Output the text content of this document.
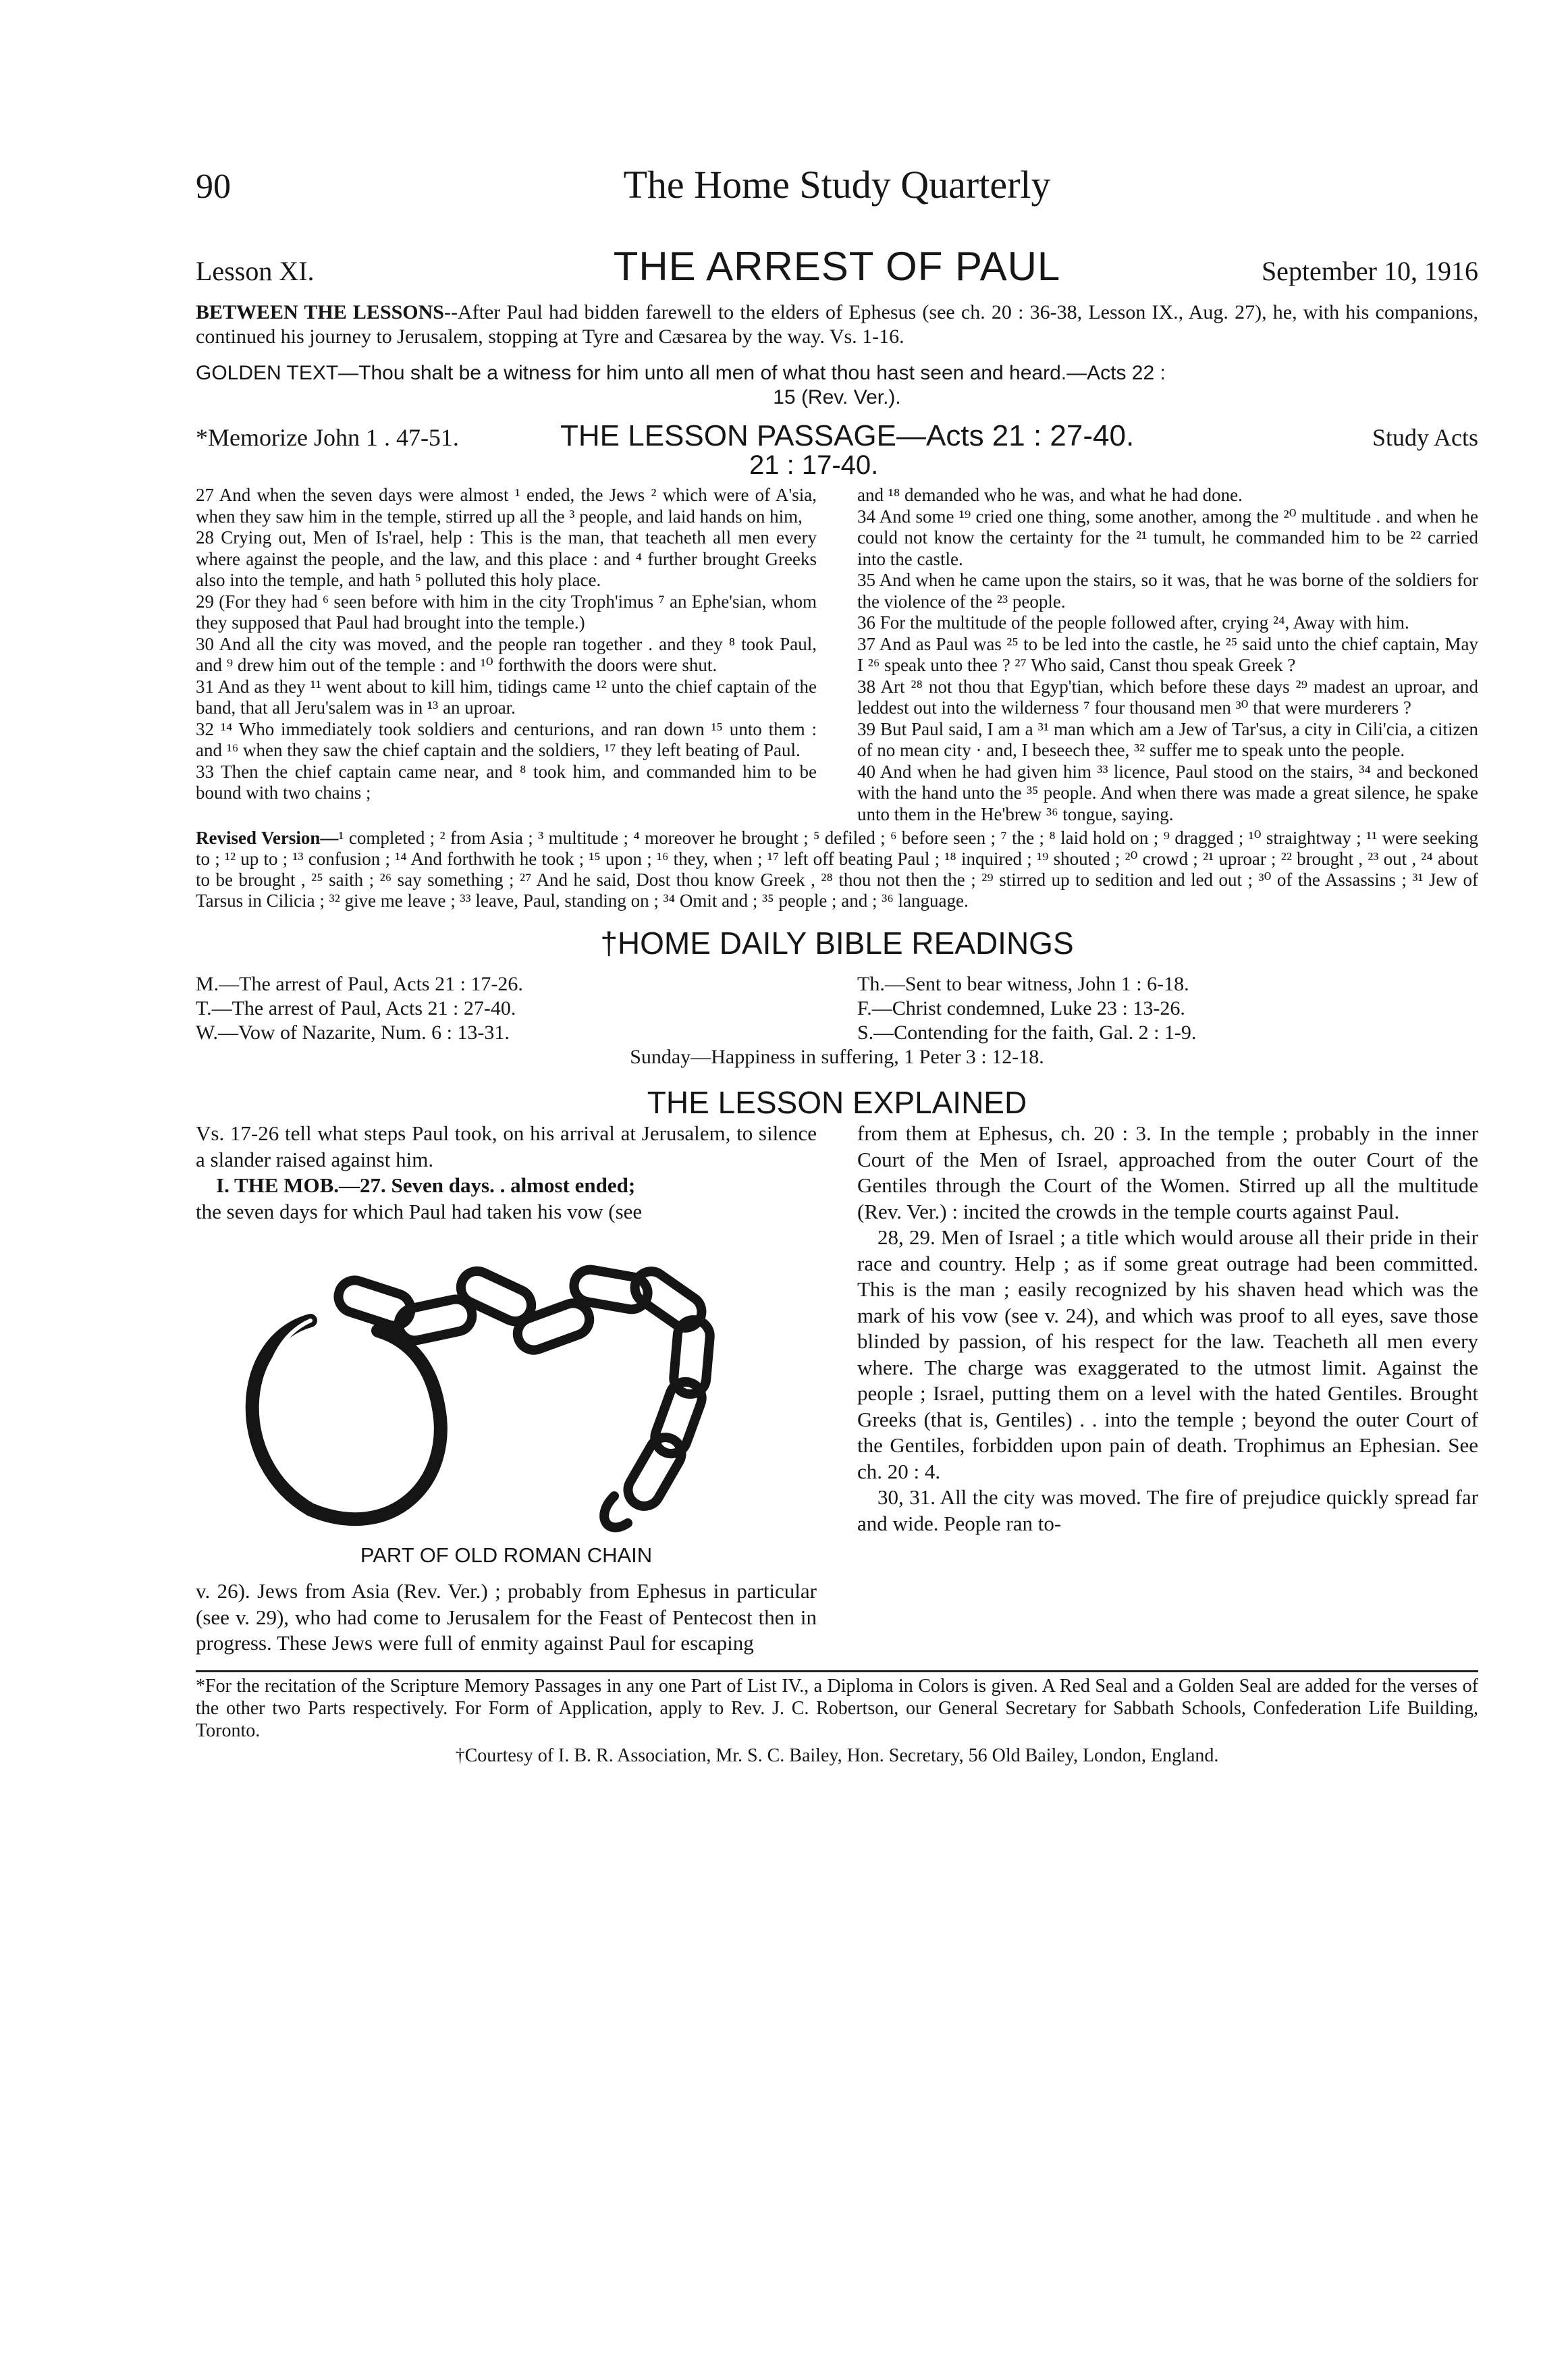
90	The Home Study Quarterly
Lesson XI.	THE ARREST OF PAUL	September 10, 1916

BETWEEN THE LESSONS--After Paul had bidden farewell to the elders of Ephesus (see ch. 20 : 36-38, Lesson IX., Aug. 27), he, with his companions, continued his journey to Jerusalem, stopping at Tyre and Cæsarea by the way. Vs. 1-16.

GOLDEN TEXT—Thou shalt be a witness for him unto all men of what thou hast seen and heard.—Acts 22 :

15 (Rev. Ver.).

*Memorize John 1 . 47-51.	THE LESSON PASSAGE—Acts 21 : 27-40.	Study Acts
21 : 17-40.

27 And when the seven days were almost ¹ ended, the Jews ² which were of A'sia, when they saw him in the temple, stirred up all the ³ people, and laid hands on him,

28 Crying out, Men of Is'rael, help : This is the man, that teacheth all men every where against the people, and the law, and this place : and ⁴ further brought Greeks also into the temple, and hath ⁵ polluted this holy place.

29 (For they had ⁶ seen before with him in the city Troph'imus ⁷ an Ephe'sian, whom they supposed that Paul had brought into the temple.)

30 And all the city was moved, and the people ran together . and they ⁸ took Paul, and ⁹ drew him out of the temple : and ¹⁰ forthwith the doors were shut.

31 And as they ¹¹ went about to kill him, tidings came ¹² unto the chief captain of the band, that all Jeru'salem was in ¹³ an uproar.

32 ¹⁴ Who immediately took soldiers and centurions, and ran down ¹⁵ unto them : and ¹⁶ when they saw the chief captain and the soldiers, ¹⁷ they left beating of Paul.

33 Then the chief captain came near, and ⁸ took him, and commanded him to be bound with two chains ;

and ¹⁸ demanded who he was, and what he had done.

34 And some ¹⁹ cried one thing, some another, among the ²⁰ multitude . and when he could not know the certainty for the ²¹ tumult, he commanded him to be ²² carried into the castle.

35 And when he came upon the stairs, so it was, that he was borne of the soldiers for the violence of the ²³ people.

36 For the multitude of the people followed after, crying ²⁴, Away with him.

37 And as Paul was ²⁵ to be led into the castle, he ²⁵ said unto the chief captain, May I ²⁶ speak unto thee ? ²⁷ Who said, Canst thou speak Greek ?

38 Art ²⁸ not thou that Egyp'tian, which before these days ²⁹ madest an uproar, and leddest out into the wilderness ⁷ four thousand men ³⁰ that were murderers ?

39 But Paul said, I am a ³¹ man which am a Jew of Tar'sus, a city in Cili'cia, a citizen of no mean city · and, I beseech thee, ³² suffer me to speak unto the people.

40 And when he had given him ³³ licence, Paul stood on the stairs, ³⁴ and beckoned with the hand unto the ³⁵ people. And when there was made a great silence, he spake unto them in the He'brew ³⁶ tongue, saying.

Revised Version—¹ completed ; ² from Asia ; ³ multitude ; ⁴ moreover he brought ; ⁵ defiled ; ⁶ before seen ; ⁷ the ; ⁸ laid hold on ; ⁹ dragged ; ¹⁰ straightway ; ¹¹ were seeking to ; ¹² up to ; ¹³ confusion ; ¹⁴ And forthwith he took ; ¹⁵ upon ; ¹⁶ they, when ; ¹⁷ left off beating Paul ; ¹⁸ inquired ; ¹⁹ shouted ; ²⁰ crowd ; ²¹ uproar ; ²² brought , ²³ out , ²⁴ about to be brought , ²⁵ saith ; ²⁶ say something ; ²⁷ And he said, Dost thou know Greek , ²⁸ thou not then the ; ²⁹ stirred up to sedition and led out ; ³⁰ of the Assassins ; ³¹ Jew of Tarsus in Cilicia ; ³² give me leave ; ³³ leave, Paul, standing on ; ³⁴ Omit and ; ³⁵ people ; and ; ³⁶ language.

†HOME DAILY BIBLE READINGS
M.—The arrest of Paul, Acts 21 : 17-26.	Th.—Sent to bear witness, John 1 : 6-18.
T.—The arrest of Paul, Acts 21 : 27-40.	F.—Christ condemned, Luke 23 : 13-26.
W.—Vow of Nazarite, Num. 6 : 13-31.	S.—Contending for the faith, Gal. 2 : 1-9.

Sunday—Happiness in suffering, 1 Peter 3 : 12-18.

THE LESSON EXPLAINED

Vs. 17-26 tell what steps Paul took, on his arrival at Jerusalem, to silence a slander raised against him.

I. THE MOB.—27. Seven days. . almost ended;

the seven days for which Paul had taken his vow (see

PART OF OLD ROMAN CHAIN

v. 26). Jews from Asia (Rev. Ver.) ; probably from Ephesus in particular (see v. 29), who had come to Jerusalem for the Feast of Pentecost then in progress. These Jews were full of enmity against Paul for escaping

from them at Ephesus, ch. 20 : 3. In the temple ; probably in the inner Court of the Men of Israel, approached from the outer Court of the Gentiles through the Court of the Women. Stirred up all the multitude (Rev. Ver.) : incited the crowds in the temple courts against Paul.

28, 29. Men of Israel ; a title which would arouse all their pride in their race and country. Help ; as if some great outrage had been committed. This is the man ; easily recognized by his shaven head which was the mark of his vow (see v. 24), and which was proof to all eyes, save those blinded by passion, of his respect for the law. Teacheth all men every where. The charge was exaggerated to the utmost limit. Against the people ; Israel, putting them on a level with the hated Gentiles. Brought Greeks (that is, Gentiles) . . into the temple ; beyond the outer Court of the Gentiles, forbidden upon pain of death. Trophimus an Ephesian. See ch. 20 : 4.

30, 31. All the city was moved. The fire of prejudice quickly spread far and wide. People ran to-

*For the recitation of the Scripture Memory Passages in any one Part of List IV., a Diploma in Colors is given. A Red Seal and a Golden Seal are added for the verses of the other two Parts respectively. For Form of Application, apply to Rev. J. C. Robertson, our General Secretary for Sabbath Schools, Confederation Life Building, Toronto.

†Courtesy of I. B. R. Association, Mr. S. C. Bailey, Hon. Secretary, 56 Old Bailey, London, England.
